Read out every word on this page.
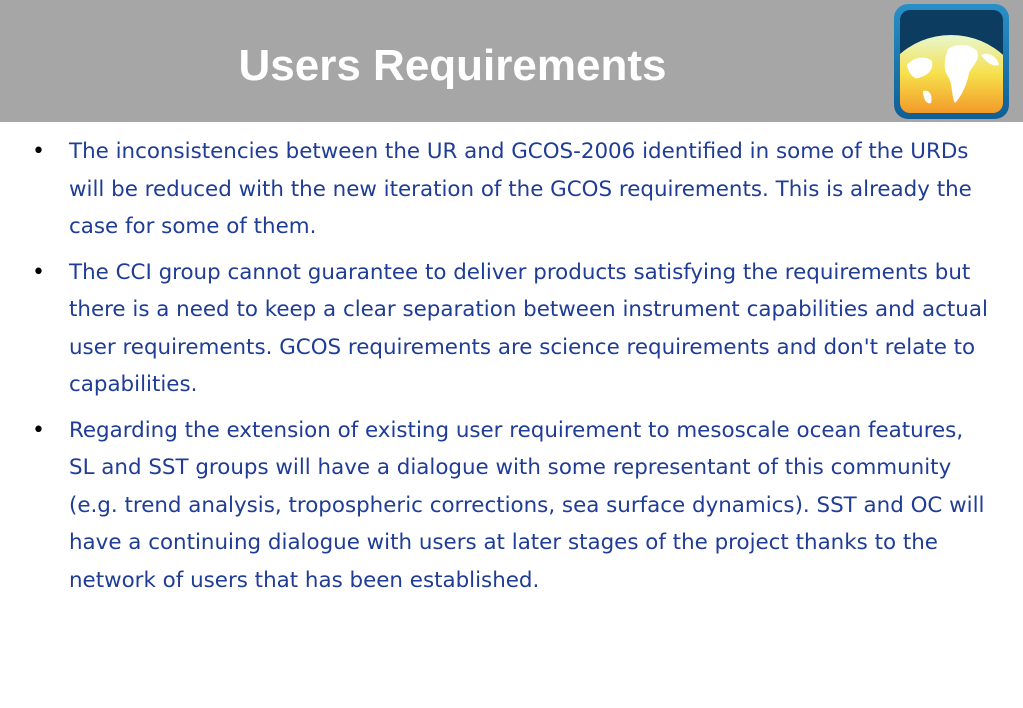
Users Requirements
• The inconsistencies between the UR and GCOS-2006 identified in some of the URDs will be reduced with the new iteration of the GCOS requirements. This is already the case for some of them.
• The CCI group cannot guarantee to deliver products satisfying the requirements but there is a need to keep a clear separation between instrument capabilities and actual user requirements. GCOS requirements are science requirements and don't relate to capabilities.
• Regarding the extension of existing user requirement to mesoscale ocean features, SL and SST groups will have a dialogue with some representant of this community (e.g. trend analysis, tropospheric corrections, sea surface dynamics). SST and OC will have a continuing dialogue with users at later stages of the project thanks to the network of users that has been established.
